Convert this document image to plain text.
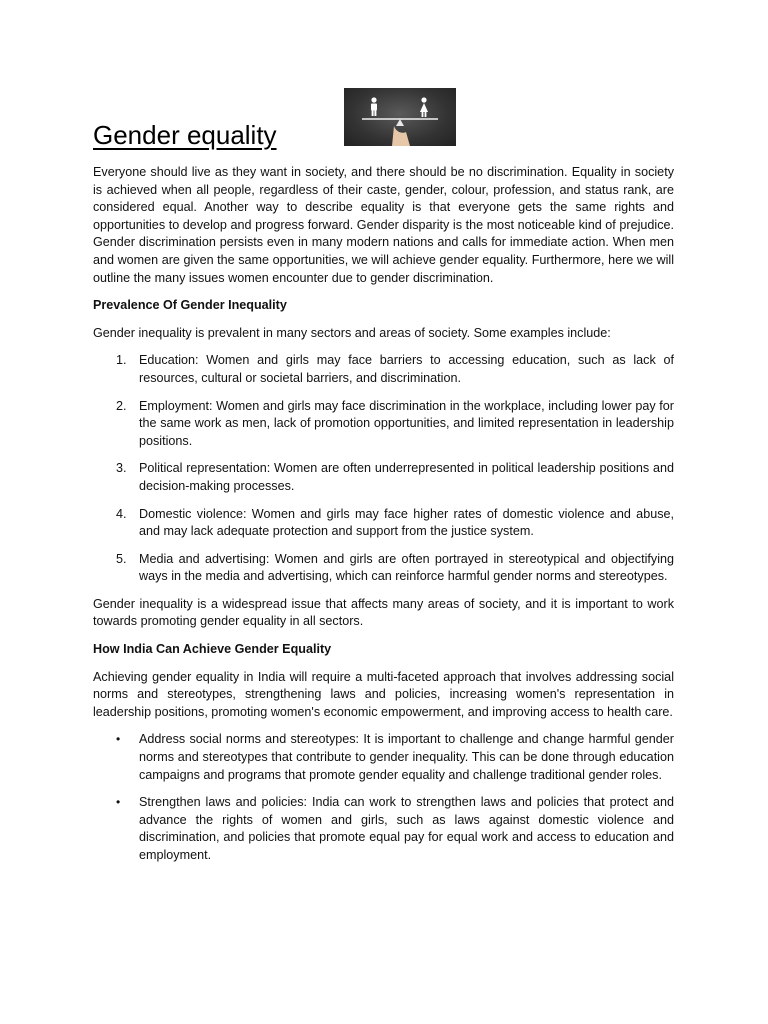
Gender equality

Everyone should live as they want in society, and there should be no discrimination. Equality in society is achieved when all people, regardless of their caste, gender, colour, profession, and status rank, are considered equal. Another way to describe equality is that everyone gets the same rights and opportunities to develop and progress forward. Gender disparity is the most noticeable kind of prejudice. Gender discrimination persists even in many modern nations and calls for immediate action. When men and women are given the same opportunities, we will achieve gender equality. Furthermore, here we will outline the many issues women encounter due to gender discrimination.

Prevalence Of Gender Inequality

Gender inequality is prevalent in many sectors and areas of society. Some examples include:

1. Education: Women and girls may face barriers to accessing education, such as lack of resources, cultural or societal barriers, and discrimination.
2. Employment: Women and girls may face discrimination in the workplace, including lower pay for the same work as men, lack of promotion opportunities, and limited representation in leadership positions.
3. Political representation: Women are often underrepresented in political leadership positions and decision-making processes.
4. Domestic violence: Women and girls may face higher rates of domestic violence and abuse, and may lack adequate protection and support from the justice system.
5. Media and advertising: Women and girls are often portrayed in stereotypical and objectifying ways in the media and advertising, which can reinforce harmful gender norms and stereotypes.

Gender inequality is a widespread issue that affects many areas of society, and it is important to work towards promoting gender equality in all sectors.

How India Can Achieve Gender Equality

Achieving gender equality in India will require a multi-faceted approach that involves addressing social norms and stereotypes, strengthening laws and policies, increasing women's representation in leadership positions, promoting women's economic empowerment, and improving access to health care.

• Address social norms and stereotypes: It is important to challenge and change harmful gender norms and stereotypes that contribute to gender inequality. This can be done through education campaigns and programs that promote gender equality and challenge traditional gender roles.
• Strengthen laws and policies: India can work to strengthen laws and policies that protect and advance the rights of women and girls, such as laws against domestic violence and discrimination, and policies that promote equal pay for equal work and access to education and employment.
